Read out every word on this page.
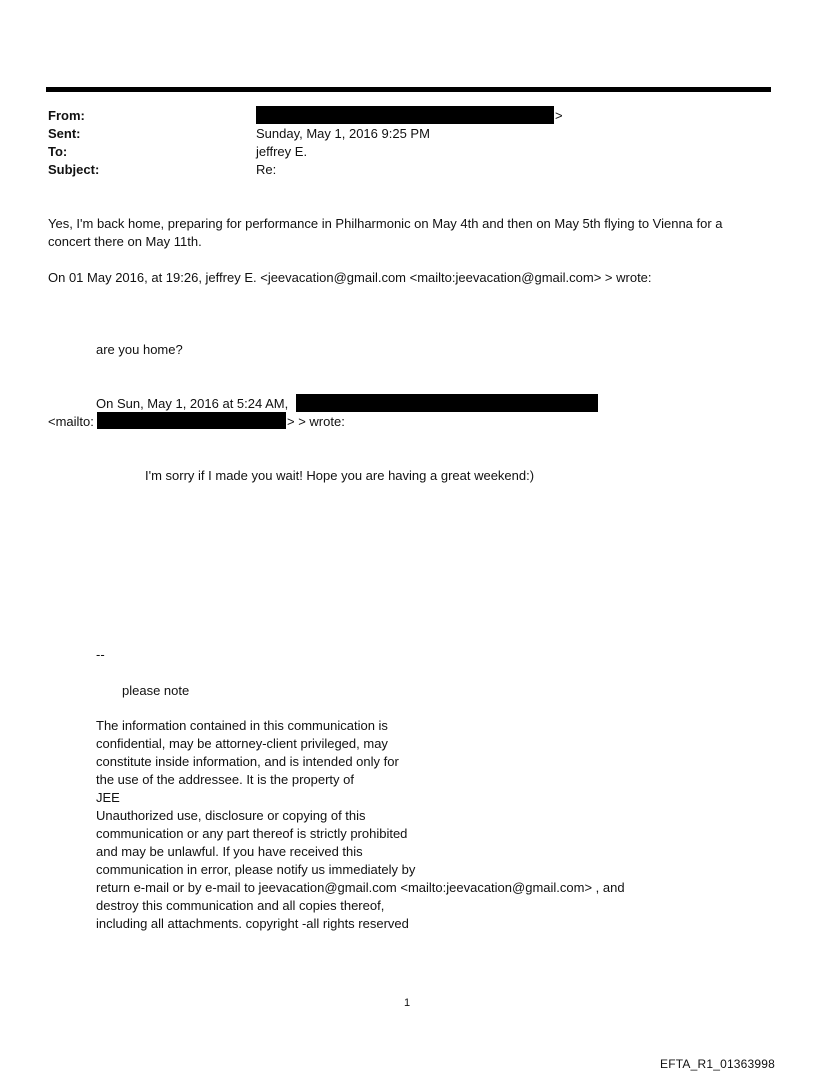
From:	>
Sent:	Sunday, May 1, 2016 9:25 PM
To:	jeffrey E.
Subject:	Re:
Yes, I'm back home, preparing for performance in Philharmonic on May 4th and then on May 5th flying to Vienna for a
concert there on May 11th.
On 01 May 2016, at 19:26, jeffrey E. <jeevacation@gmail.com <mailto:jeevacation@gmail.com> > wrote:
are you home?
On Sun, May 1, 2016 at 5:24 AM,
<mailto:	> > wrote:
I'm sorry if I made you wait! Hope you are having a great weekend:)
--
please note
The information contained in this communication is
confidential, may be attorney-client privileged, may
constitute inside information, and is intended only for
the use of the addressee. It is the property of
JEE
Unauthorized use, disclosure or copying of this
communication or any part thereof is strictly prohibited
and may be unlawful. If you have received this
communication in error, please notify us immediately by
return e-mail or by e-mail to jeevacation@gmail.com <mailto:jeevacation@gmail.com> , and
destroy this communication and all copies thereof,
including all attachments. copyright -all rights reserved
1
EFTA_R1_01363998
